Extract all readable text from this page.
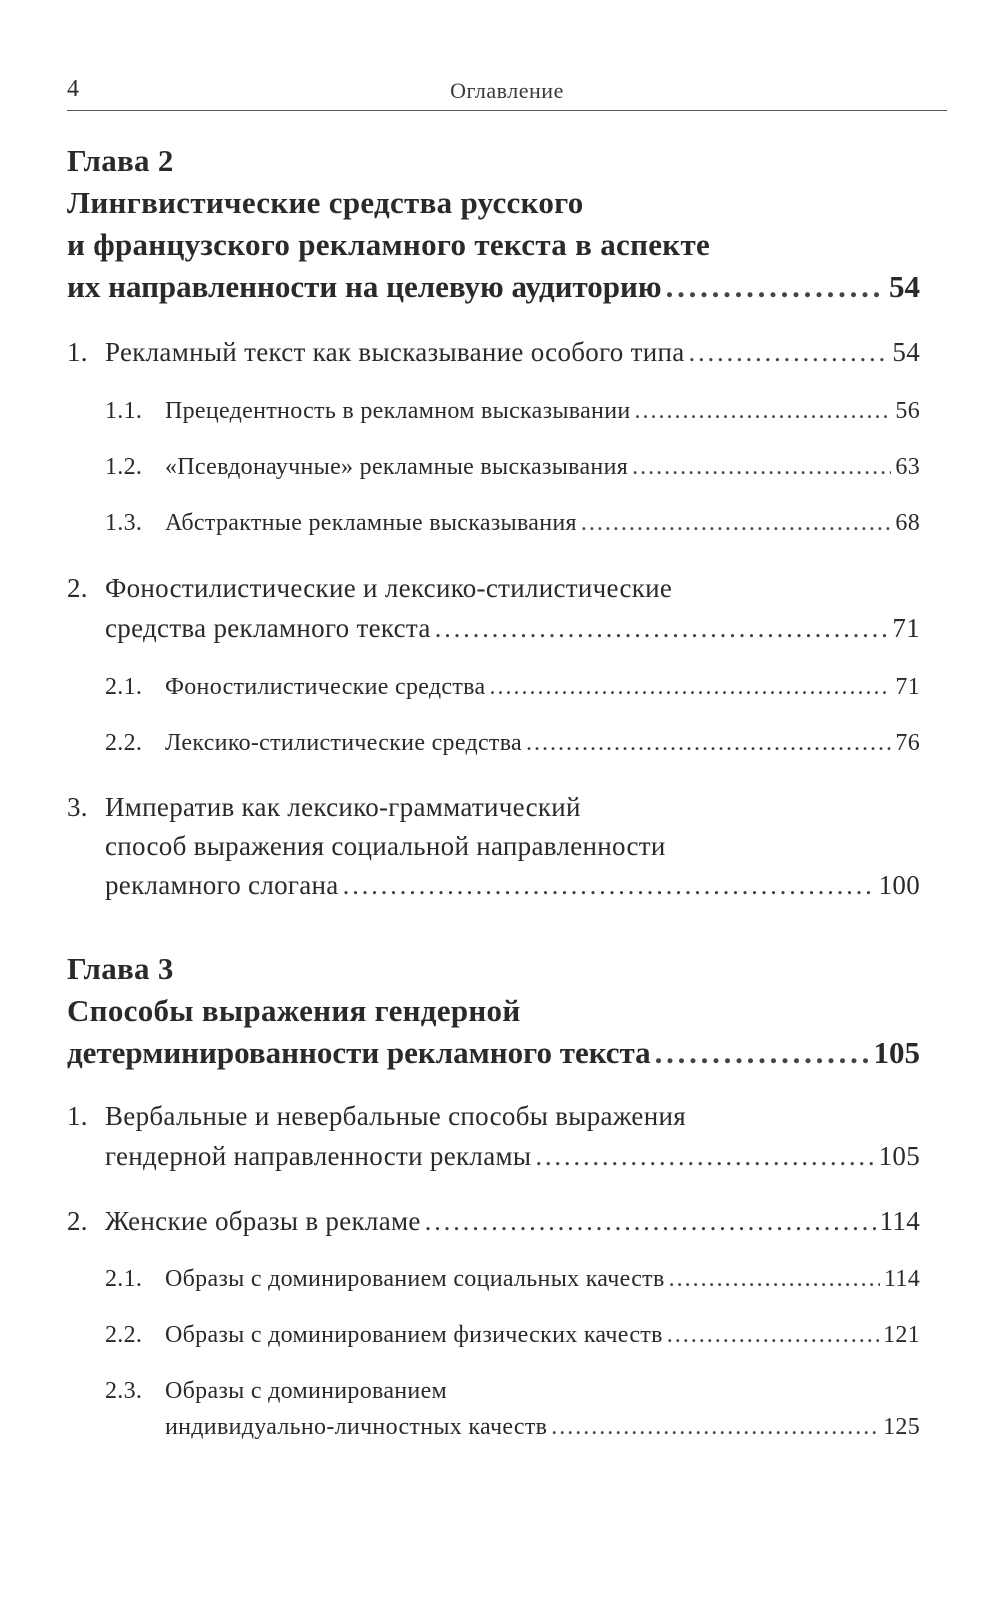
4	Оглавление
Глава 2
Лингвистические средства русского
и французского рекламного текста в аспекте
их направленности на целевую аудиторию . . .	54
1. Рекламный текст как высказывание особого типа . . .	54
1.1. Прецедентность в рекламном высказывании . . .	56
1.2. «Псевдонаучные» рекламные высказывания . . .	63
1.3. Абстрактные рекламные высказывания . . .	68
2. Фоностилистические и лексико-стилистические
средства рекламного текста . . .	71
2.1. Фоностилистические средства . . .	71
2.2. Лексико-стилистические средства . . .	76
3. Императив как лексико-грамматический
способ выражения социальной направленности
рекламного слогана . . .	100
Глава 3
Способы выражения гендерной
детерминированности рекламного текста . . .	105
1. Вербальные и невербальные способы выражения
гендерной направленности рекламы . . .	105
2. Женские образы в рекламе . . .	114
2.1. Образы с доминированием социальных качеств . . .	114
2.2. Образы с доминированием физических качеств . . .	121
2.3. Образы с доминированием
индивидуально-личностных качеств . . .	125
